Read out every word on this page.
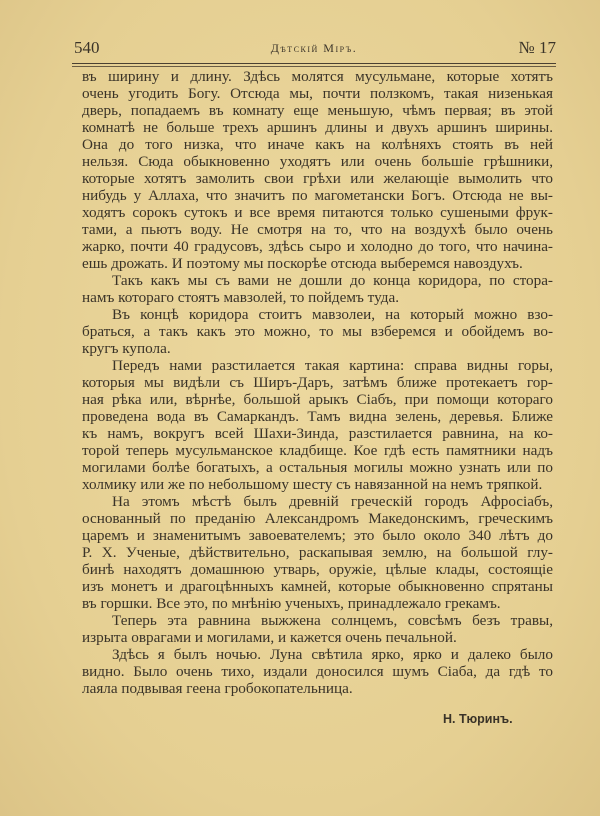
540	Дѣтскій Міръ.	№ 17
въ ширину и длину. Здѣсь молятся мусульмане, которые хотятъ
очень угодить Богу. Отсюда мы, почти ползкомъ, такая низенькая
дверь, попадаемъ въ комнату еще меньшую, чѣмъ первая; въ этой
комнатѣ не больше трехъ аршинъ длины и двухъ аршинъ ширины.
Она до того низка, что иначе какъ на колѣняхъ стоять въ ней
нельзя. Сюда обыкновенно уходятъ или очень большіе грѣшники,
которые хотятъ замолить свои грѣхи или желающіе вымолить что
нибудь у Аллаха, что значитъ по магометански Богъ. Отсюда не вы-
ходятъ сорокъ сутокъ и все время питаются только сушеными фрук-
тами, а пьютъ воду. Не смотря на то, что на воздухѣ было очень
жарко, почти 40 градусовъ, здѣсь сыро и холодно до того, что начина-
ешь дрожать. И поэтому мы поскорѣе отсюда выберемся навоздухъ.
Такъ какъ мы съ вами не дошли до конца коридора, по стора-
намъ котораго стоятъ мавзолей, то пойдемъ туда.
Въ концѣ коридора стоитъ мавзолеи, на который можно взо-
браться, а такъ какъ это можно, то мы взберемся и обойдемъ во-
кругъ купола.
Передъ нами разстилается такая картина: справа видны горы,
которыя мы видѣли съ Ширъ-Даръ, затѣмъ ближе протекаетъ гор-
ная рѣка или, вѣрнѣе, большой арыкъ Сіабъ, при помощи котораго
проведена вода въ Самаркандъ. Тамъ видна зелень, деревья. Ближе
къ намъ, вокругъ всей Шахи-Зинда, разстилается равнина, на ко-
торой теперь мусульманское кладбище. Кое гдѣ есть памятники надъ
могилами болѣе богатыхъ, а остальныя могилы можно узнать или по
холмику или же по небольшому шесту съ навязанной на немъ тряпкой.
На этомъ мѣстѣ былъ древній греческій городъ Афросіабъ,
основанный по преданію Александромъ Македонскимъ, греческимъ
царемъ и знаменитымъ завоевателемъ; это было около 340 лѣтъ до
Р. Х. Ученые, дѣйствительно, раскапывая землю, на большой глу-
бинѣ находятъ домашнюю утварь, оружіе, цѣлые клады, состоящіе
изъ монетъ и драгоцѣнныхъ камней, которые обыкновенно спрятаны
въ горшки. Все это, по мнѣнію ученыхъ, принадлежало грекамъ.
Теперь эта равнина выжжена солнцемъ, совсѣмъ безъ травы,
изрыта оврагами и могилами, и кажется очень печальной.
Здѣсь я былъ ночью. Луна свѣтила ярко, ярко и далеко было
видно. Было очень тихо, издали доносился шумъ Сіаба, да гдѣ то
лаяла подвывая геена гробокопательница.
Н. Тюринъ.
